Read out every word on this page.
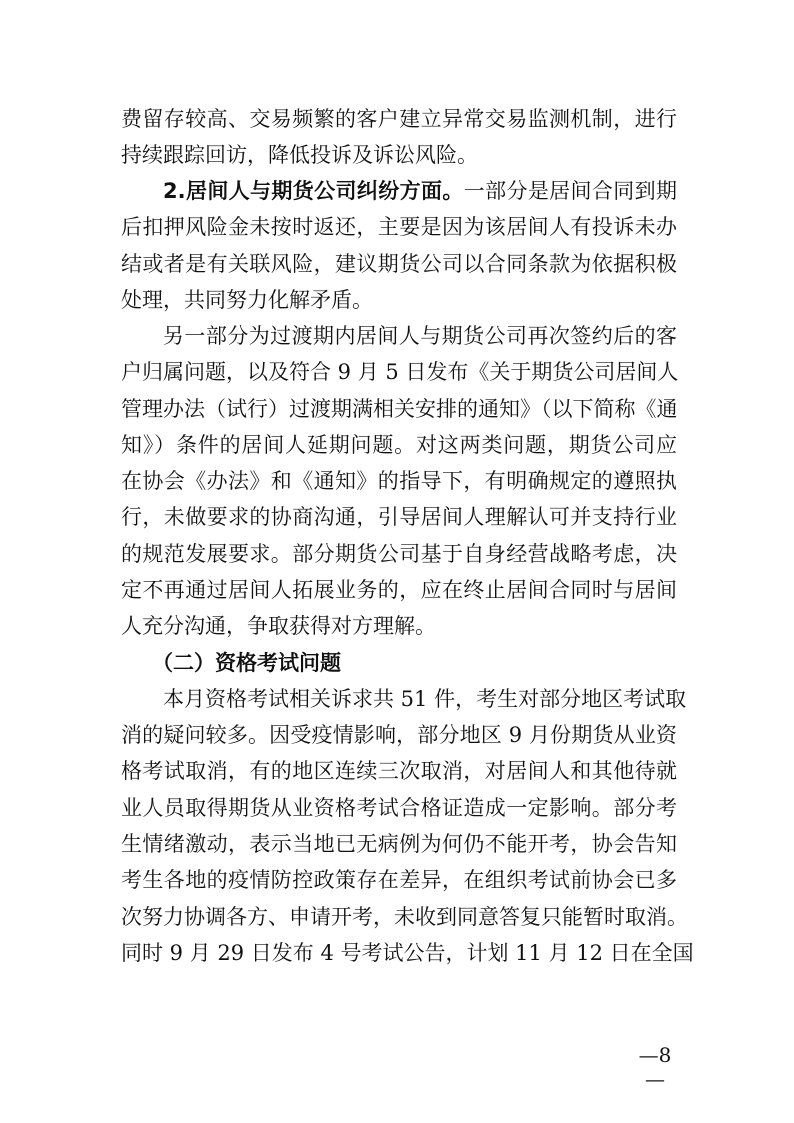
费留存较高、交易频繁的客户建立异常交易监测机制，进行
持续跟踪回访，降低投诉及诉讼风险。
2.居间人与期货公司纠纷方面。一部分是居间合同到期
后扣押风险金未按时返还，主要是因为该居间人有投诉未办
结或者是有关联风险，建议期货公司以合同条款为依据积极
处理，共同努力化解矛盾。
另一部分为过渡期内居间人与期货公司再次签约后的客
户归属问题，以及符合 9 月 5 日发布《关于期货公司居间人
管理办法（试行）过渡期满相关安排的通知》（以下简称《通
知》）条件的居间人延期问题。对这两类问题，期货公司应
在协会《办法》和《通知》的指导下，有明确规定的遵照执
行，未做要求的协商沟通，引导居间人理解认可并支持行业
的规范发展要求。部分期货公司基于自身经营战略考虑，决
定不再通过居间人拓展业务的，应在终止居间合同时与居间
人充分沟通，争取获得对方理解。
（二）资格考试问题
本月资格考试相关诉求共 51 件，考生对部分地区考试取
消的疑问较多。因受疫情影响，部分地区 9 月份期货从业资
格考试取消，有的地区连续三次取消，对居间人和其他待就
业人员取得期货从业资格考试合格证造成一定影响。部分考
生情绪激动，表示当地已无病例为何仍不能开考，协会告知
考生各地的疫情防控政策存在差异，在组织考试前协会已多
次努力协调各方、申请开考，未收到同意答复只能暂时取消。
同时 9 月 29 日发布 4 号考试公告，计划 11 月 12 日在全国
—8—
